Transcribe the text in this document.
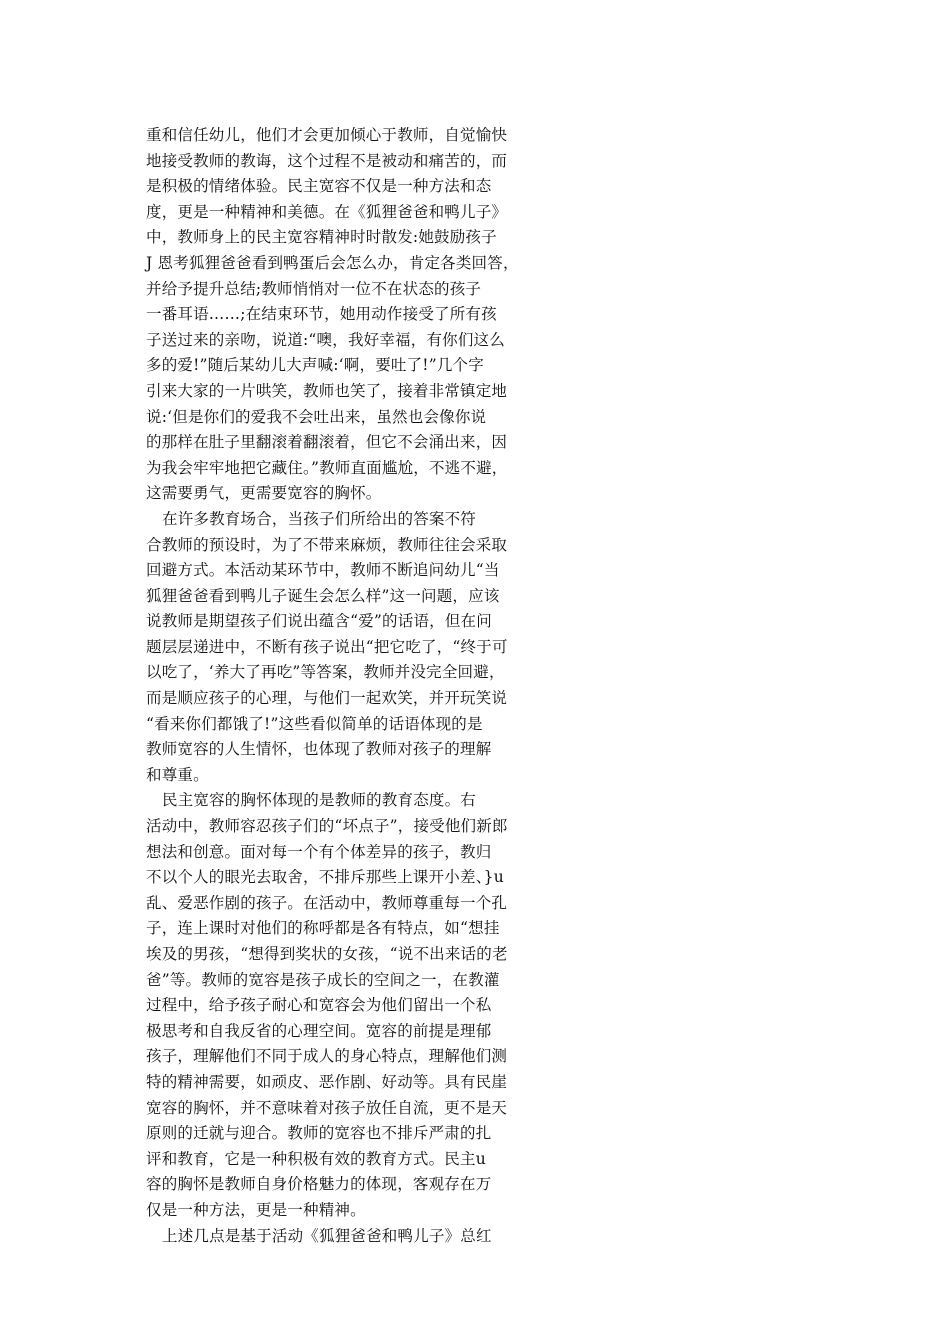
重和信任幼儿，他们才会更加倾心于教师，自觉愉快
地接受教师的教诲，这个过程不是被动和痛苦的，而
是积极的情绪体验。民主宽容不仅是一种方法和态
度，更是一种精神和美德。在《狐狸爸爸和鸭儿子》
中，教师身上的民主宽容精神时时散发:她鼓励孩子
J 恩考狐狸爸爸看到鸭蛋后会怎么办，肯定各类回答，
并给予提升总结;教师悄悄对一位不在状态的孩子
一番耳语……;在结束环节，她用动作接受了所有孩
子送过来的亲吻，说道:“噢，我好幸福，有你们这么
多的爱!”随后某幼儿大声喊:‘啊，要吐了!”几个字
引来大家的一片哄笑，教师也笑了，接着非常镇定地
说:‘但是你们的爱我不会吐出来，虽然也会像你说
的那样在肚子里翻滚着翻滚着，但它不会涌出来，因
为我会牢牢地把它藏住。”教师直面尴尬，不逃不避，
这需要勇气，更需要宽容的胸怀。
在许多教育场合，当孩子们所给出的答案不符
合教师的预设时，为了不带来麻烦，教师往往会采取
回避方式。本活动某环节中，教师不断追问幼儿“当
狐狸爸爸看到鸭儿子诞生会怎么样”这一问题，应该
说教师是期望孩子们说出蕴含“爱”的话语，但在问
题层层递进中，不断有孩子说出“把它吃了，“终于可
以吃了，‘养大了再吃”等答案，教师并没完全回避，
而是顺应孩子的心理，与他们一起欢笑，并开玩笑说
“看来你们都饿了!”这些看似简单的话语体现的是
教师宽容的人生情怀，也体现了教师对孩子的理解
和尊重。
民主宽容的胸怀体现的是教师的教育态度。右
活动中，教师容忍孩子们的“坏点子”，接受他们新郎
想法和创意。面对每一个有个体差异的孩子，教归
不以个人的眼光去取舍，不排斥那些上课开小差、}u
乱、爱恶作剧的孩子。在活动中，教师尊重每一个孔
子，连上课时对他们的称呼都是各有特点，如“想挂
埃及的男孩，“想得到奖状的女孩，“说不出来话的老
爸”等。教师的宽容是孩子成长的空间之一，在教灌
过程中，给予孩子耐心和宽容会为他们留出一个私
极思考和自我反省的心理空间。宽容的前提是理郁
孩子，理解他们不同于成人的身心特点，理解他们测
特的精神需要，如顽皮、恶作剧、好动等。具有民崖
宽容的胸怀，并不意味着对孩子放任自流，更不是天
原则的迁就与迎合。教师的宽容也不排斥严肃的扎
评和教育，它是一种积极有效的教育方式。民主u
容的胸怀是教师自身价格魅力的体现，客观存在万
仅是一种方法，更是一种精神。
上述几点是基于活动《狐狸爸爸和鸭儿子》总红
